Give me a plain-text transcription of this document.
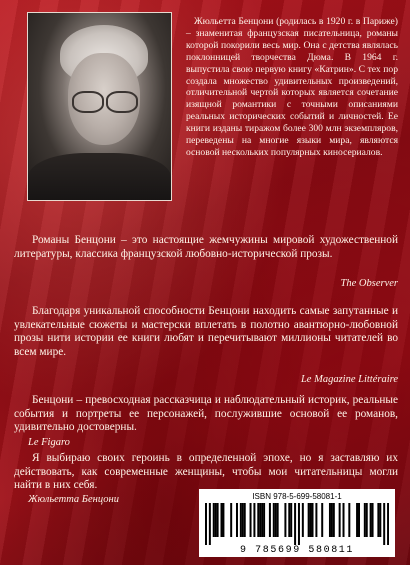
Жюльетта Бенцони (родилась в 1920 г. в Париже) – знаменитая французская писательница, романы которой покорили весь мир. Она с детства являлась поклонницей творчества Дюма. В 1964 г. выпустила свою первую книгу «Катрин». С тех пор создала множество удивительных произведений, отличительной чертой которых является сочетание изящной романтики с точными описаниями реальных исторических событий и личностей. Ее книги изданы тиражом более 300 млн экземпляров, переведены на многие языки мира, являются основой нескольких популярных киносериалов.

Романы Бенцони – это настоящие жемчужины мировой художественной литературы, классика французской любовно-исторической прозы.

The Observer

Благодаря уникальной способности Бенцони находить самые запутанные и увлекательные сюжеты и мастерски вплетать в полотно авантюрно-любовной прозы нити истории ее книги любят и перечитывают миллионы читателей во всем мире.

Le Magazine Littéraire

Бенцони – превосходная рассказчица и наблюдательный историк, реальные события и портреты ее персонажей, послужившие основой ее романов, удивительно достоверны.

Le Figaro

Я выбираю своих героинь в определенной эпохе, но я заставляю их действовать, как современные женщины, чтобы мои читательницы могли найти в них себя.

Жюльетта Бенцони	ISBN 978-5-699-58081-1
9 785699 580811
